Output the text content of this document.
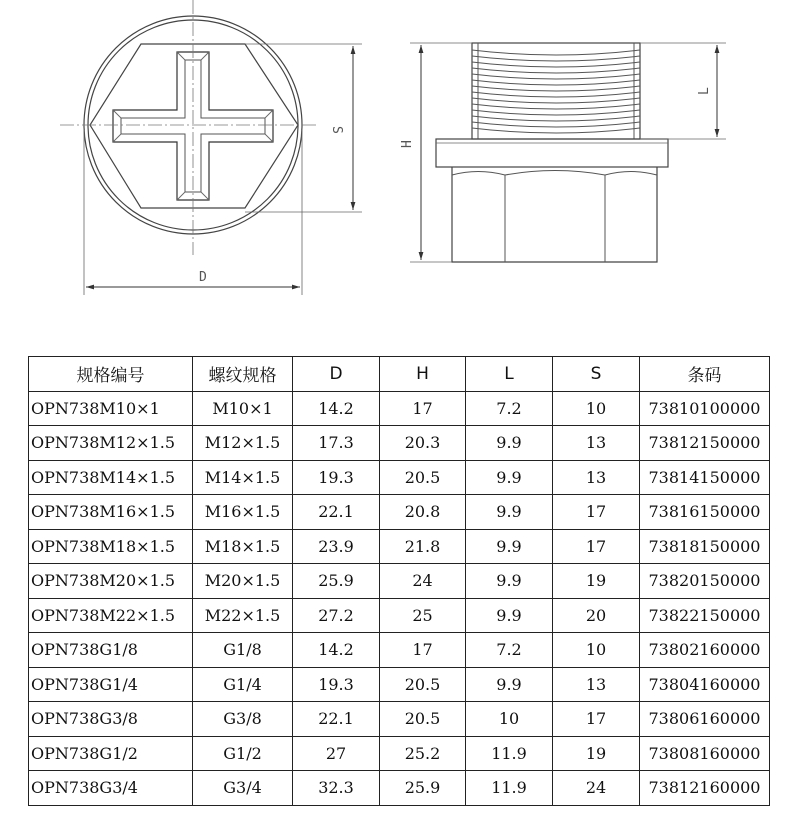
S
D
H
L
规格编号	螺纹规格	D	H	L	S	条码
OPN738M10×1	M10×1	14.2	17	7.2	10	73810100000
OPN738M12×1.5	M12×1.5	17.3	20.3	9.9	13	73812150000
OPN738M14×1.5	M14×1.5	19.3	20.5	9.9	13	73814150000
OPN738M16×1.5	M16×1.5	22.1	20.8	9.9	17	73816150000
OPN738M18×1.5	M18×1.5	23.9	21.8	9.9	17	73818150000
OPN738M20×1.5	M20×1.5	25.9	24	9.9	19	73820150000
OPN738M22×1.5	M22×1.5	27.2	25	9.9	20	73822150000
OPN738G1/8	G1/8	14.2	17	7.2	10	73802160000
OPN738G1/4	G1/4	19.3	20.5	9.9	13	73804160000
OPN738G3/8	G3/8	22.1	20.5	10	17	73806160000
OPN738G1/2	G1/2	27	25.2	11.9	19	73808160000
OPN738G3/4	G3/4	32.3	25.9	11.9	24	73812160000
